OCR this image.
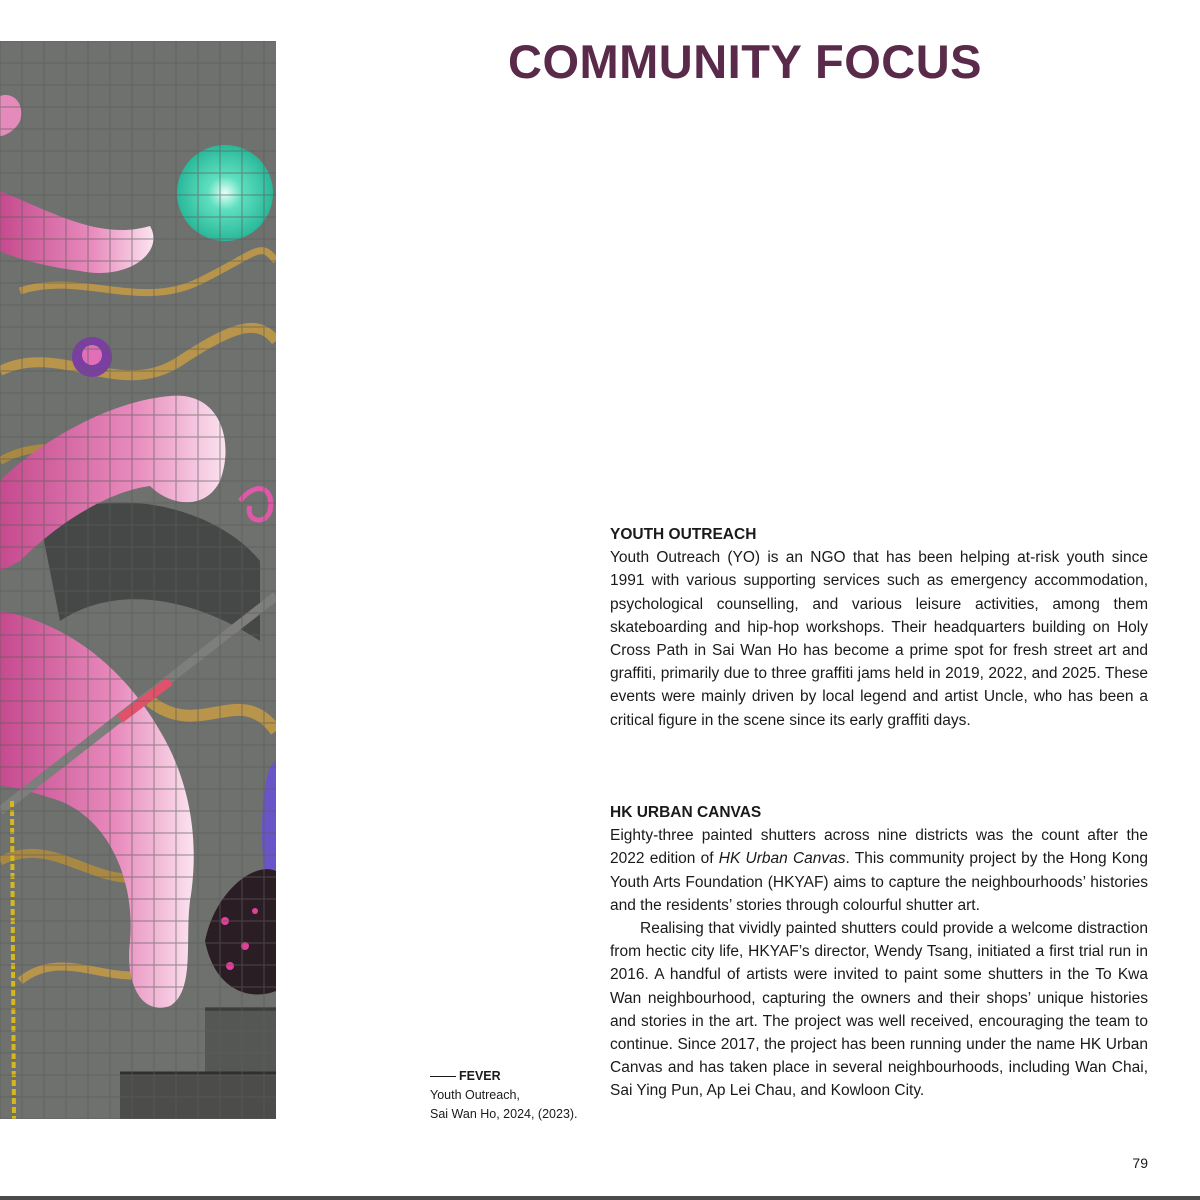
COMMUNITY FOCUS
FEVER
Youth Outreach,
Sai Wan Ho, 2024, (2023).
YOUTH OUTREACH

Youth Outreach (YO) is an NGO that has been helping at-risk youth since 1991 with various supporting services such as emergency accommodation, psychological counselling, and various leisure activities, among them skateboarding and hip-hop workshops. Their headquarters building on Holy Cross Path in Sai Wan Ho has become a prime spot for fresh street art and graffiti, primarily due to three graffiti jams held in 2019, 2022, and 2025. These events were mainly driven by local legend and artist Uncle, who has been a critical figure in the scene since its early graffiti days.

HK URBAN CANVAS

Eighty-three painted shutters across nine districts was the count after the 2022 edition of HK Urban Canvas. This community project by the Hong Kong Youth Arts Foundation (HKYAF) aims to capture the neighbourhoods’ histories and the residents’ stories through colourful shutter art.

Realising that vividly painted shutters could provide a welcome distraction from hectic city life, HKYAF’s director, Wendy Tsang, initiated a first trial run in 2016. A handful of artists were invited to paint some shutters in the To Kwa Wan neighbourhood, capturing the owners and their shops’ unique histories and stories in the art. The project was well received, encouraging the team to continue. Since 2017, the project has been running under the name HK Urban Canvas and has taken place in several neighbourhoods, including Wan Chai, Sai Ying Pun, Ap Lei Chau, and Kowloon City.

79
